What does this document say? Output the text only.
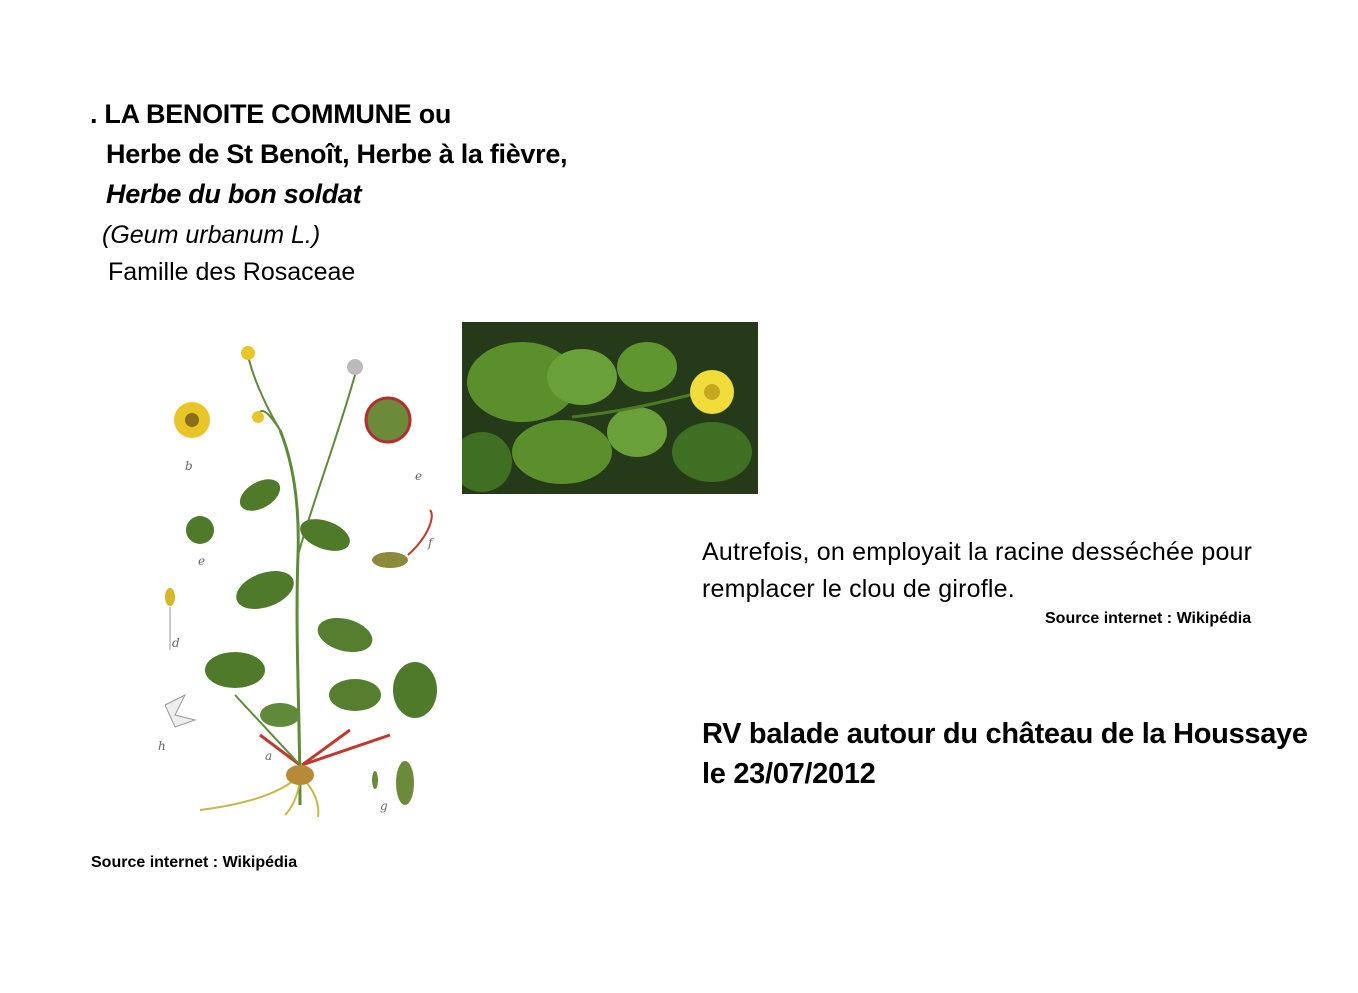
. LA BENOITE COMMUNE ou
Herbe de St Benoît, Herbe à la fièvre,
Herbe du bon soldat
(Geum urbanum L.)
Famille des Rosaceae
b
e
e
f
d
h
a
g
Source internet : Wikipédia
Autrefois, on employait la racine desséchée pour
remplacer le clou de girofle.
Source internet : Wikipédia
RV balade autour du château de la Houssaye
le 23/07/2012
